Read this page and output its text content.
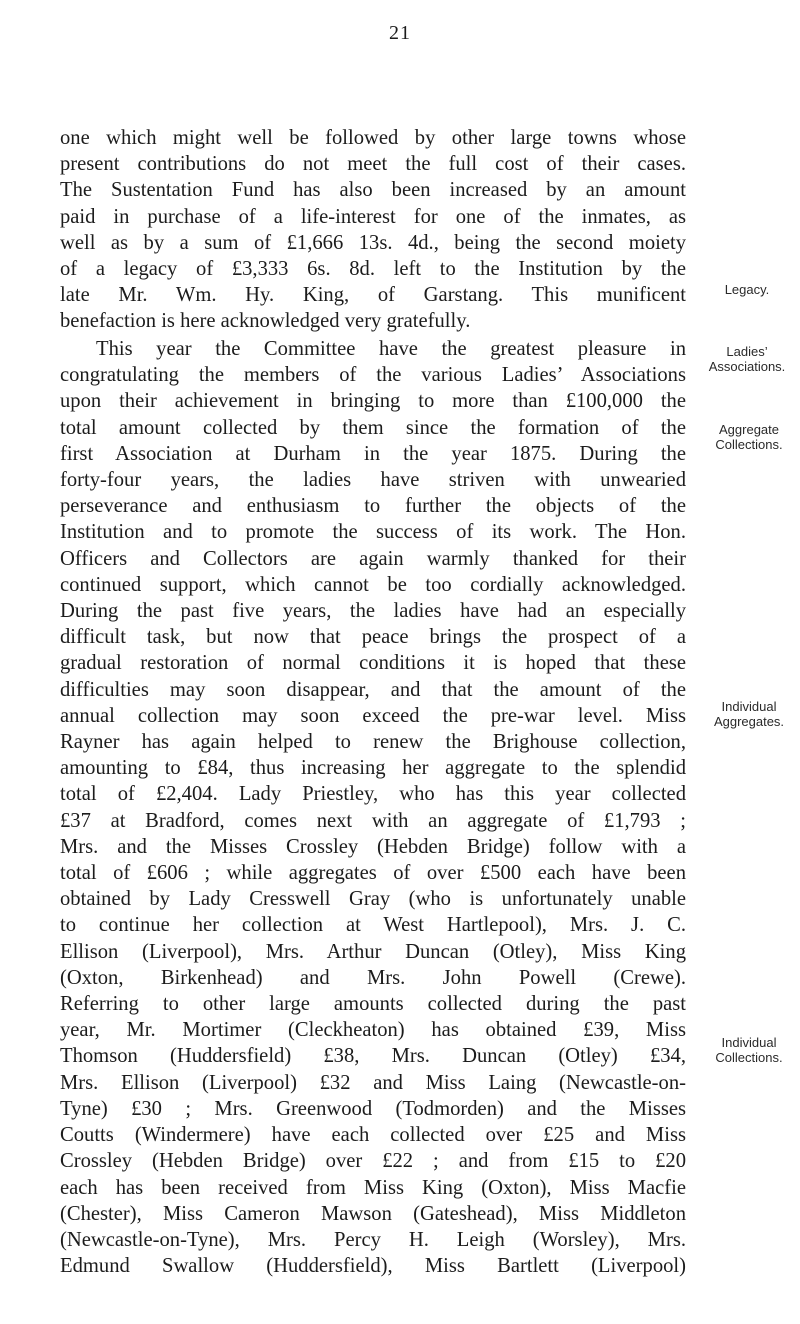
21
one which might well be followed by other large towns whose
present contributions do not meet the full cost of their cases.
The Sustentation Fund has also been increased by an amount
paid in purchase of a life-interest for one of the inmates, as
well as by a sum of £1,666 13s. 4d., being the second moiety
of a legacy of £3,333 6s. 8d. left to the Institution by the
late Mr. Wm. Hy. King, of Garstang. This munificent
benefaction is here acknowledged very gratefully.
This year the Committee have the greatest pleasure in
congratulating the members of the various Ladies’ Associations
upon their achievement in bringing to more than £100,000 the
total amount collected by them since the formation of the
first Association at Durham in the year 1875. During the
forty-four years, the ladies have striven with unwearied
perseverance and enthusiasm to further the objects of the
Institution and to promote the success of its work. The Hon.
Officers and Collectors are again warmly thanked for their
continued support, which cannot be too cordially acknowledged.
During the past five years, the ladies have had an especially
difficult task, but now that peace brings the prospect of a
gradual restoration of normal conditions it is hoped that these
difficulties may soon disappear, and that the amount of the
annual collection may soon exceed the pre-war level. Miss
Rayner has again helped to renew the Brighouse collection,
amounting to £84, thus increasing her aggregate to the splendid
total of £2,404. Lady Priestley, who has this year collected
£37 at Bradford, comes next with an aggregate of £1,793 ;
Mrs. and the Misses Crossley (Hebden Bridge) follow with a
total of £606 ; while aggregates of over £500 each have been
obtained by Lady Cresswell Gray (who is unfortunately unable
to continue her collection at West Hartlepool), Mrs. J. C.
Ellison (Liverpool), Mrs. Arthur Duncan (Otley), Miss King
(Oxton, Birkenhead) and Mrs. John Powell (Crewe).
Referring to other large amounts collected during the past
year, Mr. Mortimer (Cleckheaton) has obtained £39, Miss
Thomson (Huddersfield) £38, Mrs. Duncan (Otley) £34,
Mrs. Ellison (Liverpool) £32 and Miss Laing (Newcastle-on-
Tyne) £30 ; Mrs. Greenwood (Todmorden) and the Misses
Coutts (Windermere) have each collected over £25 and Miss
Crossley (Hebden Bridge) over £22 ; and from £15 to £20
each has been received from Miss King (Oxton), Miss Macfie
(Chester), Miss Cameron Mawson (Gateshead), Miss Middleton
(Newcastle-on-Tyne), Mrs. Percy H. Leigh (Worsley), Mrs.
Edmund Swallow (Huddersfield), Miss Bartlett (Liverpool)
Legacy.
Ladies’
Associations.
Aggregate
Collections.
Individual
Aggregates.
Individual
Collections.
